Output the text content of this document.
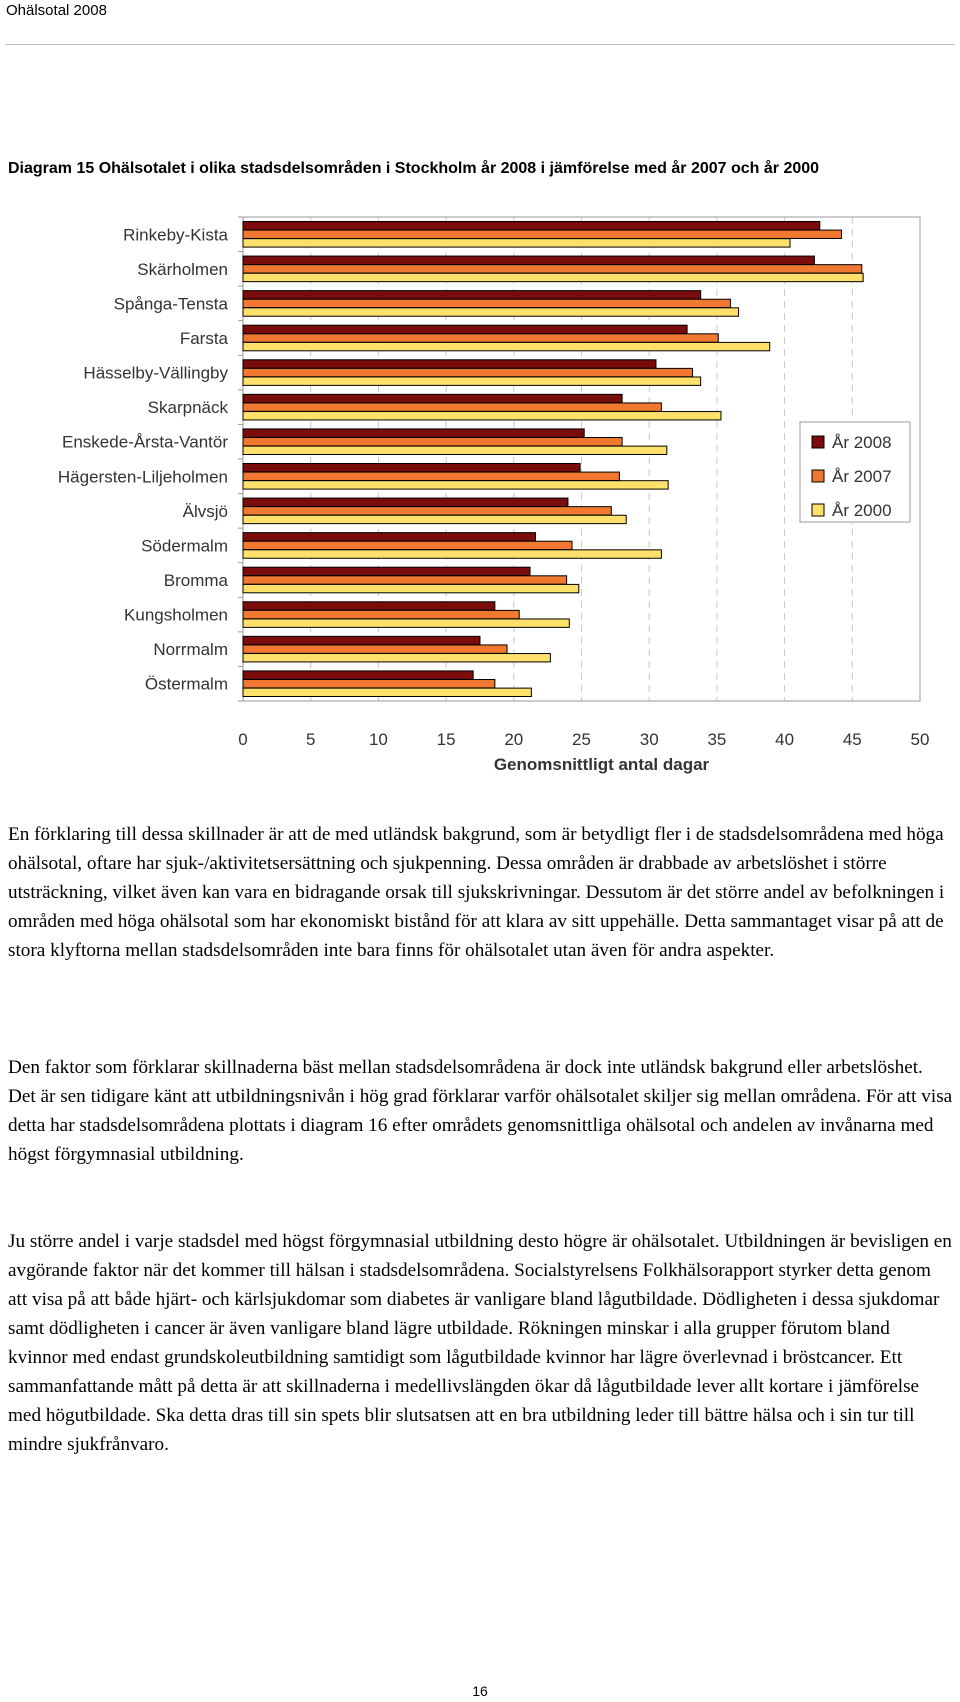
Ohälsotal 2008
Diagram 15 Ohälsotalet i olika stadsdelsområden i Stockholm år 2008 i jämförelse med år 2007 och år 2000
Rinkeby-Kista
Skärholmen
Spånga-Tensta
Farsta
Hässelby-Vällingby
Skarpnäck
Enskede-Årsta-Vantör
Hägersten-Liljeholmen
Älvsjö
Södermalm
Bromma
Kungsholmen
Norrmalm
Östermalm
0	5	10	15	20	25	30	35	40	45	50
Genomsnittligt antal dagar
År 2008
År 2007
År 2000

En förklaring till dessa skillnader är att de med utländsk bakgrund, som är betydligt fler i de stadsdelsområdena med höga ohälsotal, oftare har sjuk-/aktivitetsersättning och sjukpenning. Dessa områden är drabbade av arbetslöshet i större utsträckning, vilket även kan vara en bidragande orsak till sjukskrivningar. Dessutom är det större andel av befolkningen i områden med höga ohälsotal som har ekonomiskt bistånd för att klara av sitt uppehälle. Detta sammantaget visar på att de stora klyftorna mellan stadsdelsområden inte bara finns för ohälsotalet utan även för andra aspekter.

Den faktor som förklarar skillnaderna bäst mellan stadsdelsområdena är dock inte utländsk bakgrund eller arbetslöshet. Det är sen tidigare känt att utbildningsnivån i hög grad förklarar varför ohälsotalet skiljer sig mellan områdena. För att visa detta har stadsdelsområdena plottats i diagram 16 efter områdets genomsnittliga ohälsotal och andelen av invånarna med högst förgymnasial utbildning.

Ju större andel i varje stadsdel med högst förgymnasial utbildning desto högre är ohälsotalet. Utbildningen är bevisligen en avgörande faktor när det kommer till hälsan i stadsdelsområdena. Socialstyrelsens Folkhälsorapport styrker detta genom att visa på att både hjärt- och kärlsjukdomar som diabetes är vanligare bland lågutbildade. Dödligheten i dessa sjukdomar samt dödligheten i cancer är även vanligare bland lägre utbildade. Rökningen minskar i alla grupper förutom bland kvinnor med endast grundskoleutbildning samtidigt som lågutbildade kvinnor har lägre överlevnad i bröstcancer. Ett sammanfattande mått på detta är att skillnaderna i medellivslängden ökar då lågutbildade lever allt kortare i jämförelse med högutbildade. Ska detta dras till sin spets blir slutsatsen att en bra utbildning leder till bättre hälsa och i sin tur till mindre sjukfrånvaro.

16
